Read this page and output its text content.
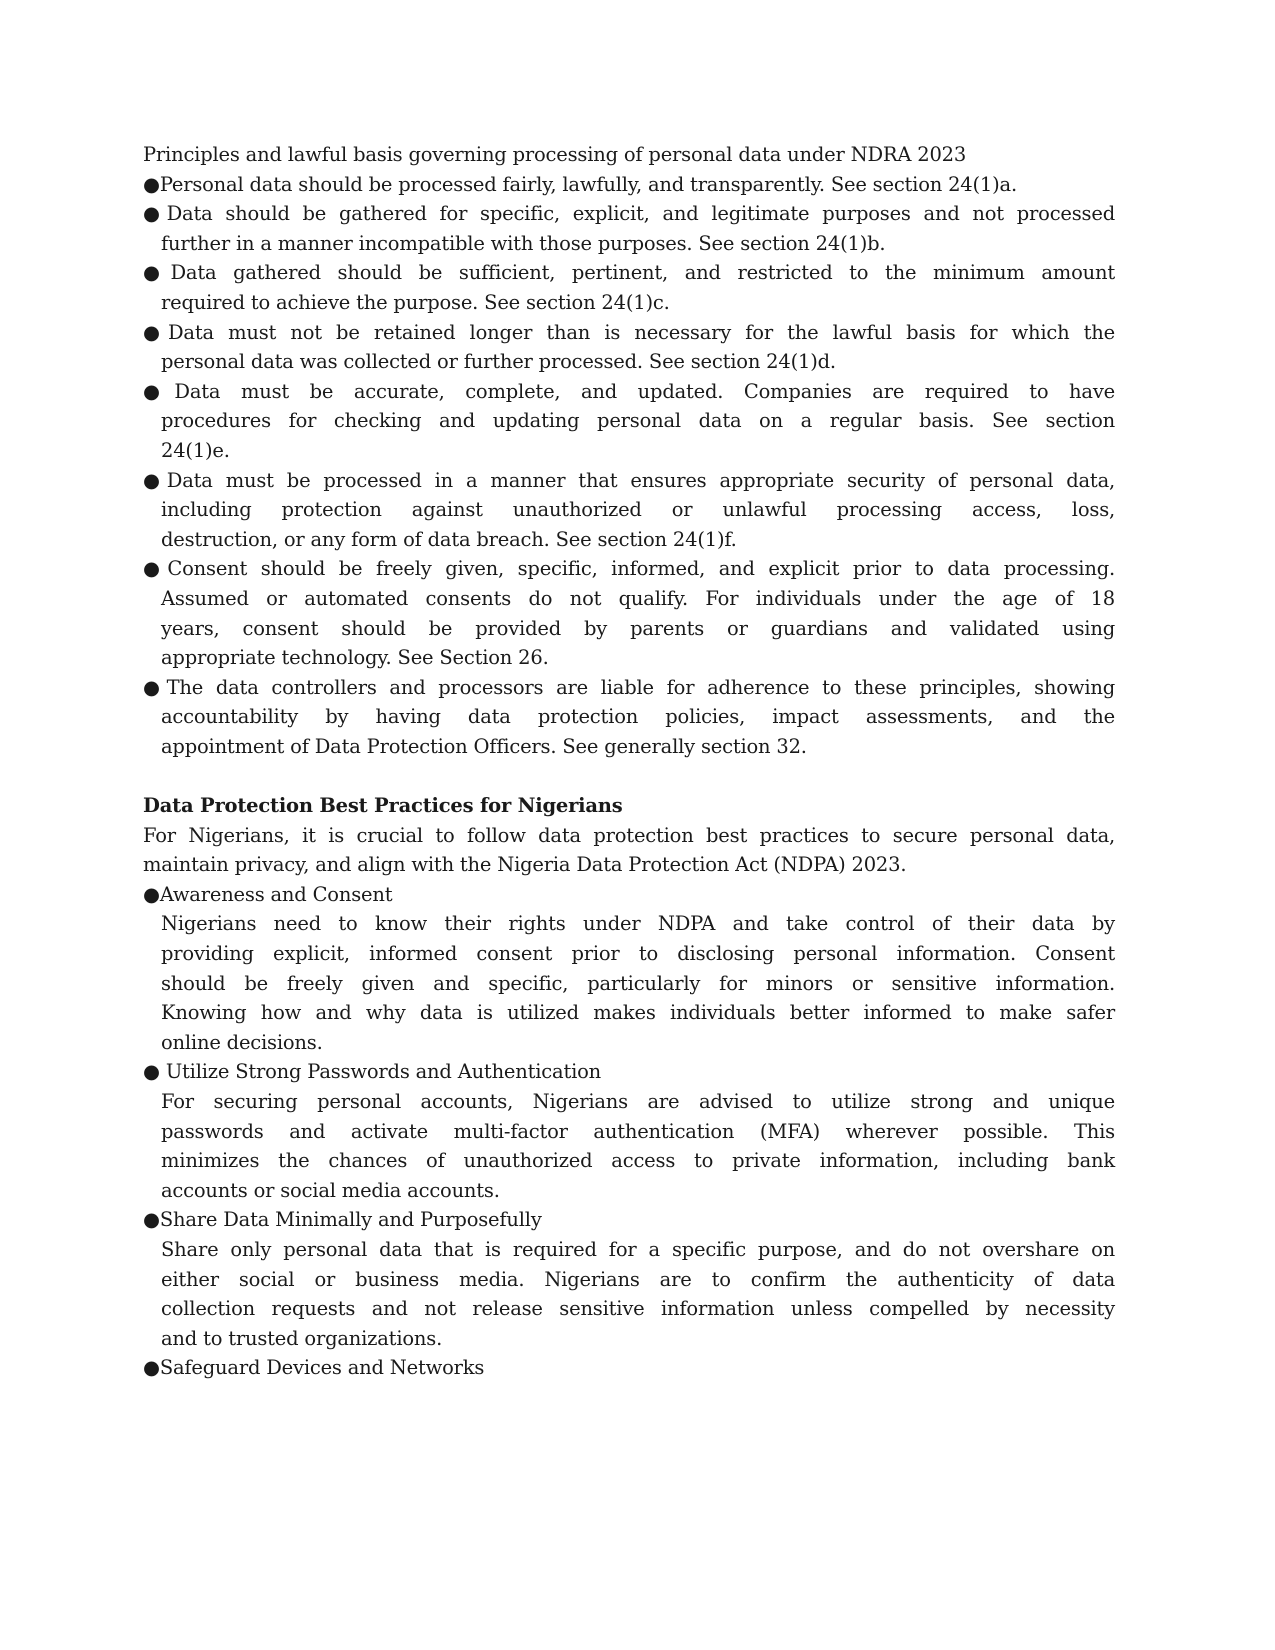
Principles and lawful basis governing processing of personal data under NDRA 2023
●Personal data should be processed fairly, lawfully, and transparently. See section 24(1)a.
●Data should be gathered for specific, explicit, and legitimate purposes and not processed
further in a manner incompatible with those purposes. See section 24(1)b.
●Data gathered should be sufficient, pertinent, and restricted to the minimum amount
required to achieve the purpose. See section 24(1)c.
●Data must not be retained longer than is necessary for the lawful basis for which the
personal data was collected or further processed. See section 24(1)d.
●Data must be accurate, complete, and updated. Companies are required to have
procedures for checking and updating personal data on a regular basis. See section
24(1)e.
●Data must be processed in a manner that ensures appropriate security of personal data,
including protection against unauthorized or unlawful processing access, loss,
destruction, or any form of data breach. See section 24(1)f.
●Consent should be freely given, specific, informed, and explicit prior to data processing.
Assumed or automated consents do not qualify. For individuals under the age of 18
years, consent should be provided by parents or guardians and validated using
appropriate technology. See Section 26.
●The data controllers and processors are liable for adherence to these principles, showing
accountability by having data protection policies, impact assessments, and the
appointment of Data Protection Officers. See generally section 32.
Data Protection Best Practices for Nigerians
For Nigerians, it is crucial to follow data protection best practices to secure personal data,
maintain privacy, and align with the Nigeria Data Protection Act (NDPA) 2023.
●Awareness and Consent
Nigerians need to know their rights under NDPA and take control of their data by
providing explicit, informed consent prior to disclosing personal information. Consent
should be freely given and specific, particularly for minors or sensitive information.
Knowing how and why data is utilized makes individuals better informed to make safer
online decisions.
● Utilize Strong Passwords and Authentication
For securing personal accounts, Nigerians are advised to utilize strong and unique
passwords and activate multi-factor authentication (MFA) wherever possible. This
minimizes the chances of unauthorized access to private information, including bank
accounts or social media accounts.
●Share Data Minimally and Purposefully
Share only personal data that is required for a specific purpose, and do not overshare on
either social or business media. Nigerians are to confirm the authenticity of data
collection requests and not release sensitive information unless compelled by necessity
and to trusted organizations.
●Safeguard Devices and Networks
